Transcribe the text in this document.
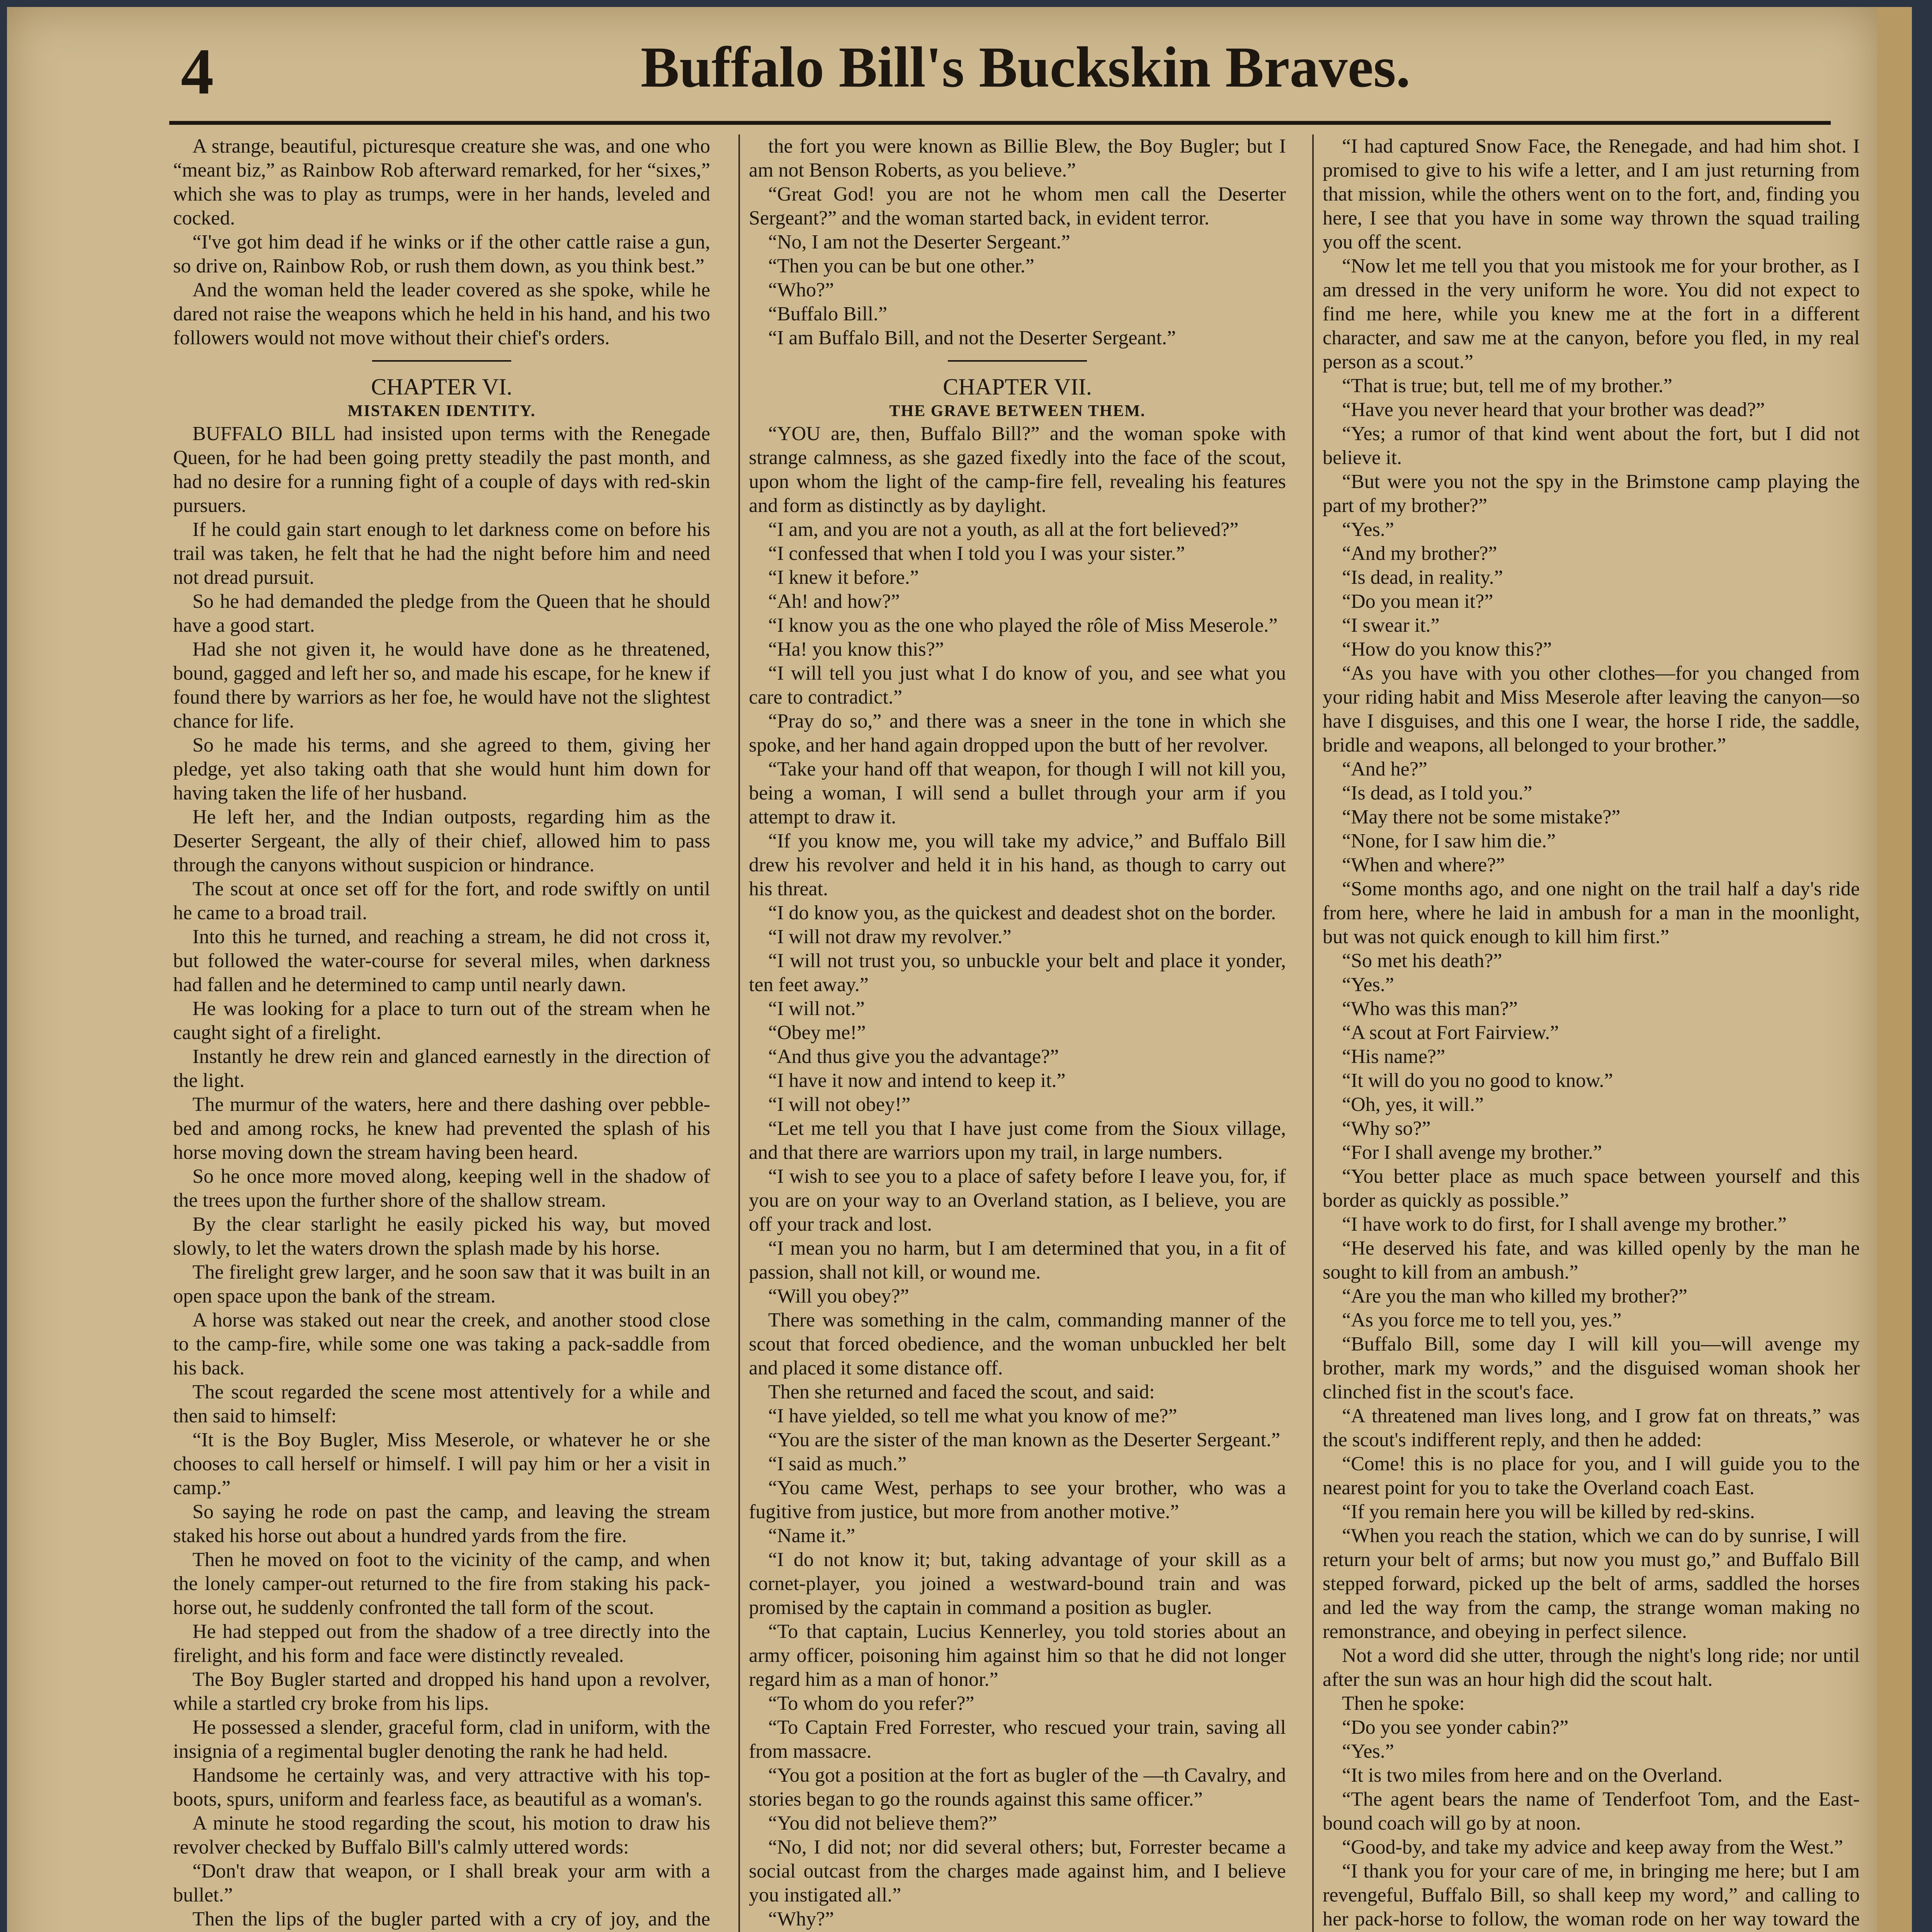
4	Buffalo Bill's Buckskin Braves.

A strange, beautiful, picturesque creature she was, and one who “meant biz,” as Rainbow Rob afterward remarked, for her “sixes,” which she was to play as trumps, were in her hands, leveled and cocked.

“I've got him dead if he winks or if the other cattle raise a gun, so drive on, Rainbow Rob, or rush them down, as you think best.”

And the woman held the leader covered as she spoke, while he dared not raise the weapons which he held in his hand, and his two followers would not move without their chief's orders.

CHAPTER VI.
MISTAKEN IDENTITY.

BUFFALO BILL had insisted upon terms with the Renegade Queen, for he had been going pretty steadily the past month, and had no desire for a running fight of a couple of days with red-skin pursuers.

If he could gain start enough to let darkness come on before his trail was taken, he felt that he had the night before him and need not dread pursuit.

So he had demanded the pledge from the Queen that he should have a good start.

Had she not given it, he would have done as he threatened, bound, gagged and left her so, and made his escape, for he knew if found there by warriors as her foe, he would have not the slightest chance for life.

So he made his terms, and she agreed to them, giving her pledge, yet also taking oath that she would hunt him down for having taken the life of her husband.

He left her, and the Indian outposts, regarding him as the Deserter Sergeant, the ally of their chief, allowed him to pass through the canyons without suspicion or hindrance.

The scout at once set off for the fort, and rode swiftly on until he came to a broad trail.

Into this he turned, and reaching a stream, he did not cross it, but followed the water-course for several miles, when darkness had fallen and he determined to camp until nearly dawn.

He was looking for a place to turn out of the stream when he caught sight of a firelight.

Instantly he drew rein and glanced earnestly in the direction of the light.

The murmur of the waters, here and there dashing over pebble-bed and among rocks, he knew had prevented the splash of his horse moving down the stream having been heard.

So he once more moved along, keeping well in the shadow of the trees upon the further shore of the shallow stream.

By the clear starlight he easily picked his way, but moved slowly, to let the waters drown the splash made by his horse.

The firelight grew larger, and he soon saw that it was built in an open space upon the bank of the stream.

A horse was staked out near the creek, and another stood close to the camp-fire, while some one was taking a pack-saddle from his back.

The scout regarded the scene most attentively for a while and then said to himself:

“It is the Boy Bugler, Miss Meserole, or whatever he or she chooses to call herself or himself. I will pay him or her a visit in camp.”

So saying he rode on past the camp, and leaving the stream staked his horse out about a hundred yards from the fire.

Then he moved on foot to the vicinity of the camp, and when the lonely camper-out returned to the fire from staking his pack-horse out, he suddenly confronted the tall form of the scout.

He had stepped out from the shadow of a tree directly into the firelight, and his form and face were distinctly revealed.

The Boy Bugler started and dropped his hand upon a revolver, while a startled cry broke from his lips.

He possessed a slender, graceful form, clad in uniform, with the insignia of a regimental bugler denoting the rank he had held.

Handsome he certainly was, and very attractive with his top-boots, spurs, uniform and fearless face, as beautiful as a woman's.

A minute he stood regarding the scout, his motion to draw his revolver checked by Buffalo Bill's calmly uttered words:

“Don't draw that weapon, or I shall break your arm with a bullet.”

Then the lips of the bugler parted with a cry of joy, and the

the fort you were known as Billie Blew, the Boy Bugler; but I am not Benson Roberts, as you believe.”

“Great God! you are not he whom men call the Deserter Sergeant?” and the woman started back, in evident terror.

“No, I am not the Deserter Sergeant.”

“Then you can be but one other.”

“Who?”

“Buffalo Bill.”

“I am Buffalo Bill, and not the Deserter Sergeant.”

CHAPTER VII.
THE GRAVE BETWEEN THEM.

“YOU are, then, Buffalo Bill?” and the woman spoke with strange calmness, as she gazed fixedly into the face of the scout, upon whom the light of the camp-fire fell, revealing his features and form as distinctly as by daylight.

“I am, and you are not a youth, as all at the fort believed?”

“I confessed that when I told you I was your sister.”

“I knew it before.”

“Ah! and how?”

“I know you as the one who played the rôle of Miss Meserole.”

“Ha! you know this?”

“I will tell you just what I do know of you, and see what you care to contradict.”

“Pray do so,” and there was a sneer in the tone in which she spoke, and her hand again dropped upon the butt of her revolver.

“Take your hand off that weapon, for though I will not kill you, being a woman, I will send a bullet through your arm if you attempt to draw it.

“If you know me, you will take my advice,” and Buffalo Bill drew his revolver and held it in his hand, as though to carry out his threat.

“I do know you, as the quickest and deadest shot on the border.

“I will not draw my revolver.”

“I will not trust you, so unbuckle your belt and place it yonder, ten feet away.”

“I will not.”

“Obey me!”

“And thus give you the advantage?”

“I have it now and intend to keep it.”

“I will not obey!”

“Let me tell you that I have just come from the Sioux village, and that there are warriors upon my trail, in large numbers.

“I wish to see you to a place of safety before I leave you, for, if you are on your way to an Overland station, as I believe, you are off your track and lost.

“I mean you no harm, but I am determined that you, in a fit of passion, shall not kill, or wound me.

“Will you obey?”

There was something in the calm, commanding manner of the scout that forced obedience, and the woman unbuckled her belt and placed it some distance off.

Then she returned and faced the scout, and said:

“I have yielded, so tell me what you know of me?”

“You are the sister of the man known as the Deserter Sergeant.”

“I said as much.”

“You came West, perhaps to see your brother, who was a fugitive from justice, but more from another motive.”

“Name it.”

“I do not know it; but, taking advantage of your skill as a cornet-player, you joined a westward-bound train and was promised by the captain in command a position as bugler.

“To that captain, Lucius Kennerley, you told stories about an army officer, poisoning him against him so that he did not longer regard him as a man of honor.”

“To whom do you refer?”

“To Captain Fred Forrester, who rescued your train, saving all from massacre.

“You got a position at the fort as bugler of the —th Cavalry, and stories began to go the rounds against this same officer.”

“You did not believe them?”

“No, I did not; nor did several others; but, Forrester became a social outcast from the charges made against him, and I believe you instigated all.”

“Why?”

“I had captured Snow Face, the Renegade, and had him shot. I promised to give to his wife a letter, and I am just returning from that mission, while the others went on to the fort, and, finding you here, I see that you have in some way thrown the squad trailing you off the scent.

“Now let me tell you that you mistook me for your brother, as I am dressed in the very uniform he wore. You did not expect to find me here, while you knew me at the fort in a different character, and saw me at the canyon, before you fled, in my real person as a scout.”

“That is true; but, tell me of my brother.”

“Have you never heard that your brother was dead?”

“Yes; a rumor of that kind went about the fort, but I did not believe it.

“But were you not the spy in the Brimstone camp playing the part of my brother?”

“Yes.”

“And my brother?”

“Is dead, in reality.”

“Do you mean it?”

“I swear it.”

“How do you know this?”

“As you have with you other clothes—for you changed from your riding habit and Miss Meserole after leaving the canyon—so have I disguises, and this one I wear, the horse I ride, the saddle, bridle and weapons, all belonged to your brother.”

“And he?”

“Is dead, as I told you.”

“May there not be some mistake?”

“None, for I saw him die.”

“When and where?”

“Some months ago, and one night on the trail half a day's ride from here, where he laid in ambush for a man in the moonlight, but was not quick enough to kill him first.”

“So met his death?”

“Yes.”

“Who was this man?”

“A scout at Fort Fairview.”

“His name?”

“It will do you no good to know.”

“Oh, yes, it will.”

“Why so?”

“For I shall avenge my brother.”

“You better place as much space between yourself and this border as quickly as possible.”

“I have work to do first, for I shall avenge my brother.”

“He deserved his fate, and was killed openly by the man he sought to kill from an ambush.”

“Are you the man who killed my brother?”

“As you force me to tell you, yes.”

“Buffalo Bill, some day I will kill you—will avenge my brother, mark my words,” and the disguised woman shook her clinched fist in the scout's face.

“A threatened man lives long, and I grow fat on threats,” was the scout's indifferent reply, and then he added:

“Come! this is no place for you, and I will guide you to the nearest point for you to take the Overland coach East.

“If you remain here you will be killed by red-skins.

“When you reach the station, which we can do by sunrise, I will return your belt of arms; but now you must go,” and Buffalo Bill stepped forward, picked up the belt of arms, saddled the horses and led the way from the camp, the strange woman making no remonstrance, and obeying in perfect silence.

Not a word did she utter, through the night's long ride; nor until after the sun was an hour high did the scout halt.

Then he spoke:

“Do you see yonder cabin?”

“Yes.”

“It is two miles from here and on the Overland.

“The agent bears the name of Tenderfoot Tom, and the East-bound coach will go by at noon.

“Good-by, and take my advice and keep away from the West.”

“I thank you for your care of me, in bringing me here; but I am revengeful, Buffalo Bill, so shall keep my word,” and calling to her pack-horse to follow, the woman rode on her way toward the
